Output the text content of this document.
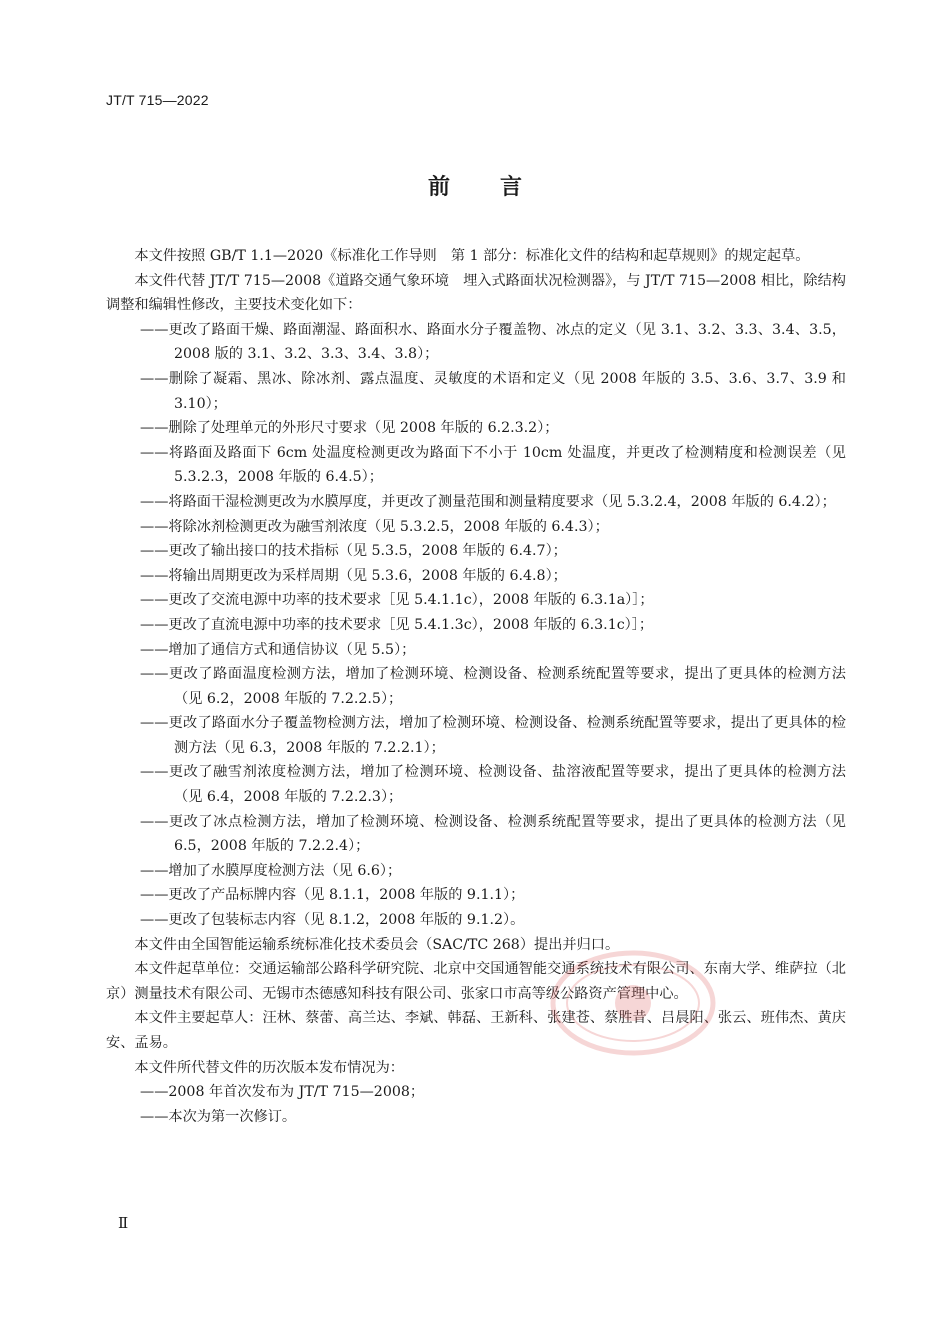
JT/T 715—2022
前言

本文件按照 GB/T 1.1—2020《标准化工作导则　第 1 部分：标准化文件的结构和起草规则》的规定起草。

本文件代替 JT/T 715—2008《道路交通气象环境　埋入式路面状况检测器》，与 JT/T 715—2008 相比，除结构调整和编辑性修改，主要技术变化如下：

——更改了路面干燥、路面潮湿、路面积水、路面水分子覆盖物、冰点的定义（见 3.1、3.2、3.3、3.4、3.5，2008 版的 3.1、3.2、3.3、3.4、3.8）；

——删除了凝霜、黑冰、除冰剂、露点温度、灵敏度的术语和定义（见 2008 年版的 3.5、3.6、3.7、3.9 和 3.10）；

——删除了处理单元的外形尺寸要求（见 2008 年版的 6.2.3.2）；

——将路面及路面下 6cm 处温度检测更改为路面下不小于 10cm 处温度，并更改了检测精度和检测误差（见 5.3.2.3，2008 年版的 6.4.5）；

——将路面干湿检测更改为水膜厚度，并更改了测量范围和测量精度要求（见 5.3.2.4，2008 年版的 6.4.2）；

——将除冰剂检测更改为融雪剂浓度（见 5.3.2.5，2008 年版的 6.4.3）；

——更改了输出接口的技术指标（见 5.3.5，2008 年版的 6.4.7）；

——将输出周期更改为采样周期（见 5.3.6，2008 年版的 6.4.8）；

——更改了交流电源中功率的技术要求［见 5.4.1.1c），2008 年版的 6.3.1a）］；

——更改了直流电源中功率的技术要求［见 5.4.1.3c），2008 年版的 6.3.1c）］；

——增加了通信方式和通信协议（见 5.5）；

——更改了路面温度检测方法，增加了检测环境、检测设备、检测系统配置等要求，提出了更具体的检测方法（见 6.2，2008 年版的 7.2.2.5）；

——更改了路面水分子覆盖物检测方法，增加了检测环境、检测设备、检测系统配置等要求，提出了更具体的检测方法（见 6.3，2008 年版的 7.2.2.1）；

——更改了融雪剂浓度检测方法，增加了检测环境、检测设备、盐溶液配置等要求，提出了更具体的检测方法（见 6.4，2008 年版的 7.2.2.3）；

——更改了冰点检测方法，增加了检测环境、检测设备、检测系统配置等要求，提出了更具体的检测方法（见 6.5，2008 年版的 7.2.2.4）；

——增加了水膜厚度检测方法（见 6.6）；

——更改了产品标牌内容（见 8.1.1，2008 年版的 9.1.1）；

——更改了包装标志内容（见 8.1.2，2008 年版的 9.1.2）。

本文件由全国智能运输系统标准化技术委员会（SAC/TC 268）提出并归口。

本文件起草单位：交通运输部公路科学研究院、北京中交国通智能交通系统技术有限公司、东南大学、维萨拉（北京）测量技术有限公司、无锡市杰德感知科技有限公司、张家口市高等级公路资产管理中心。

本文件主要起草人：汪林、蔡蕾、高兰达、李斌、韩磊、王新科、张建苍、蔡胜昔、吕晨阳、张云、班伟杰、黄庆安、孟易。

本文件所代替文件的历次版本发布情况为：

——2008 年首次发布为 JT/T 715—2008；

——本次为第一次修订。

Ⅱ
